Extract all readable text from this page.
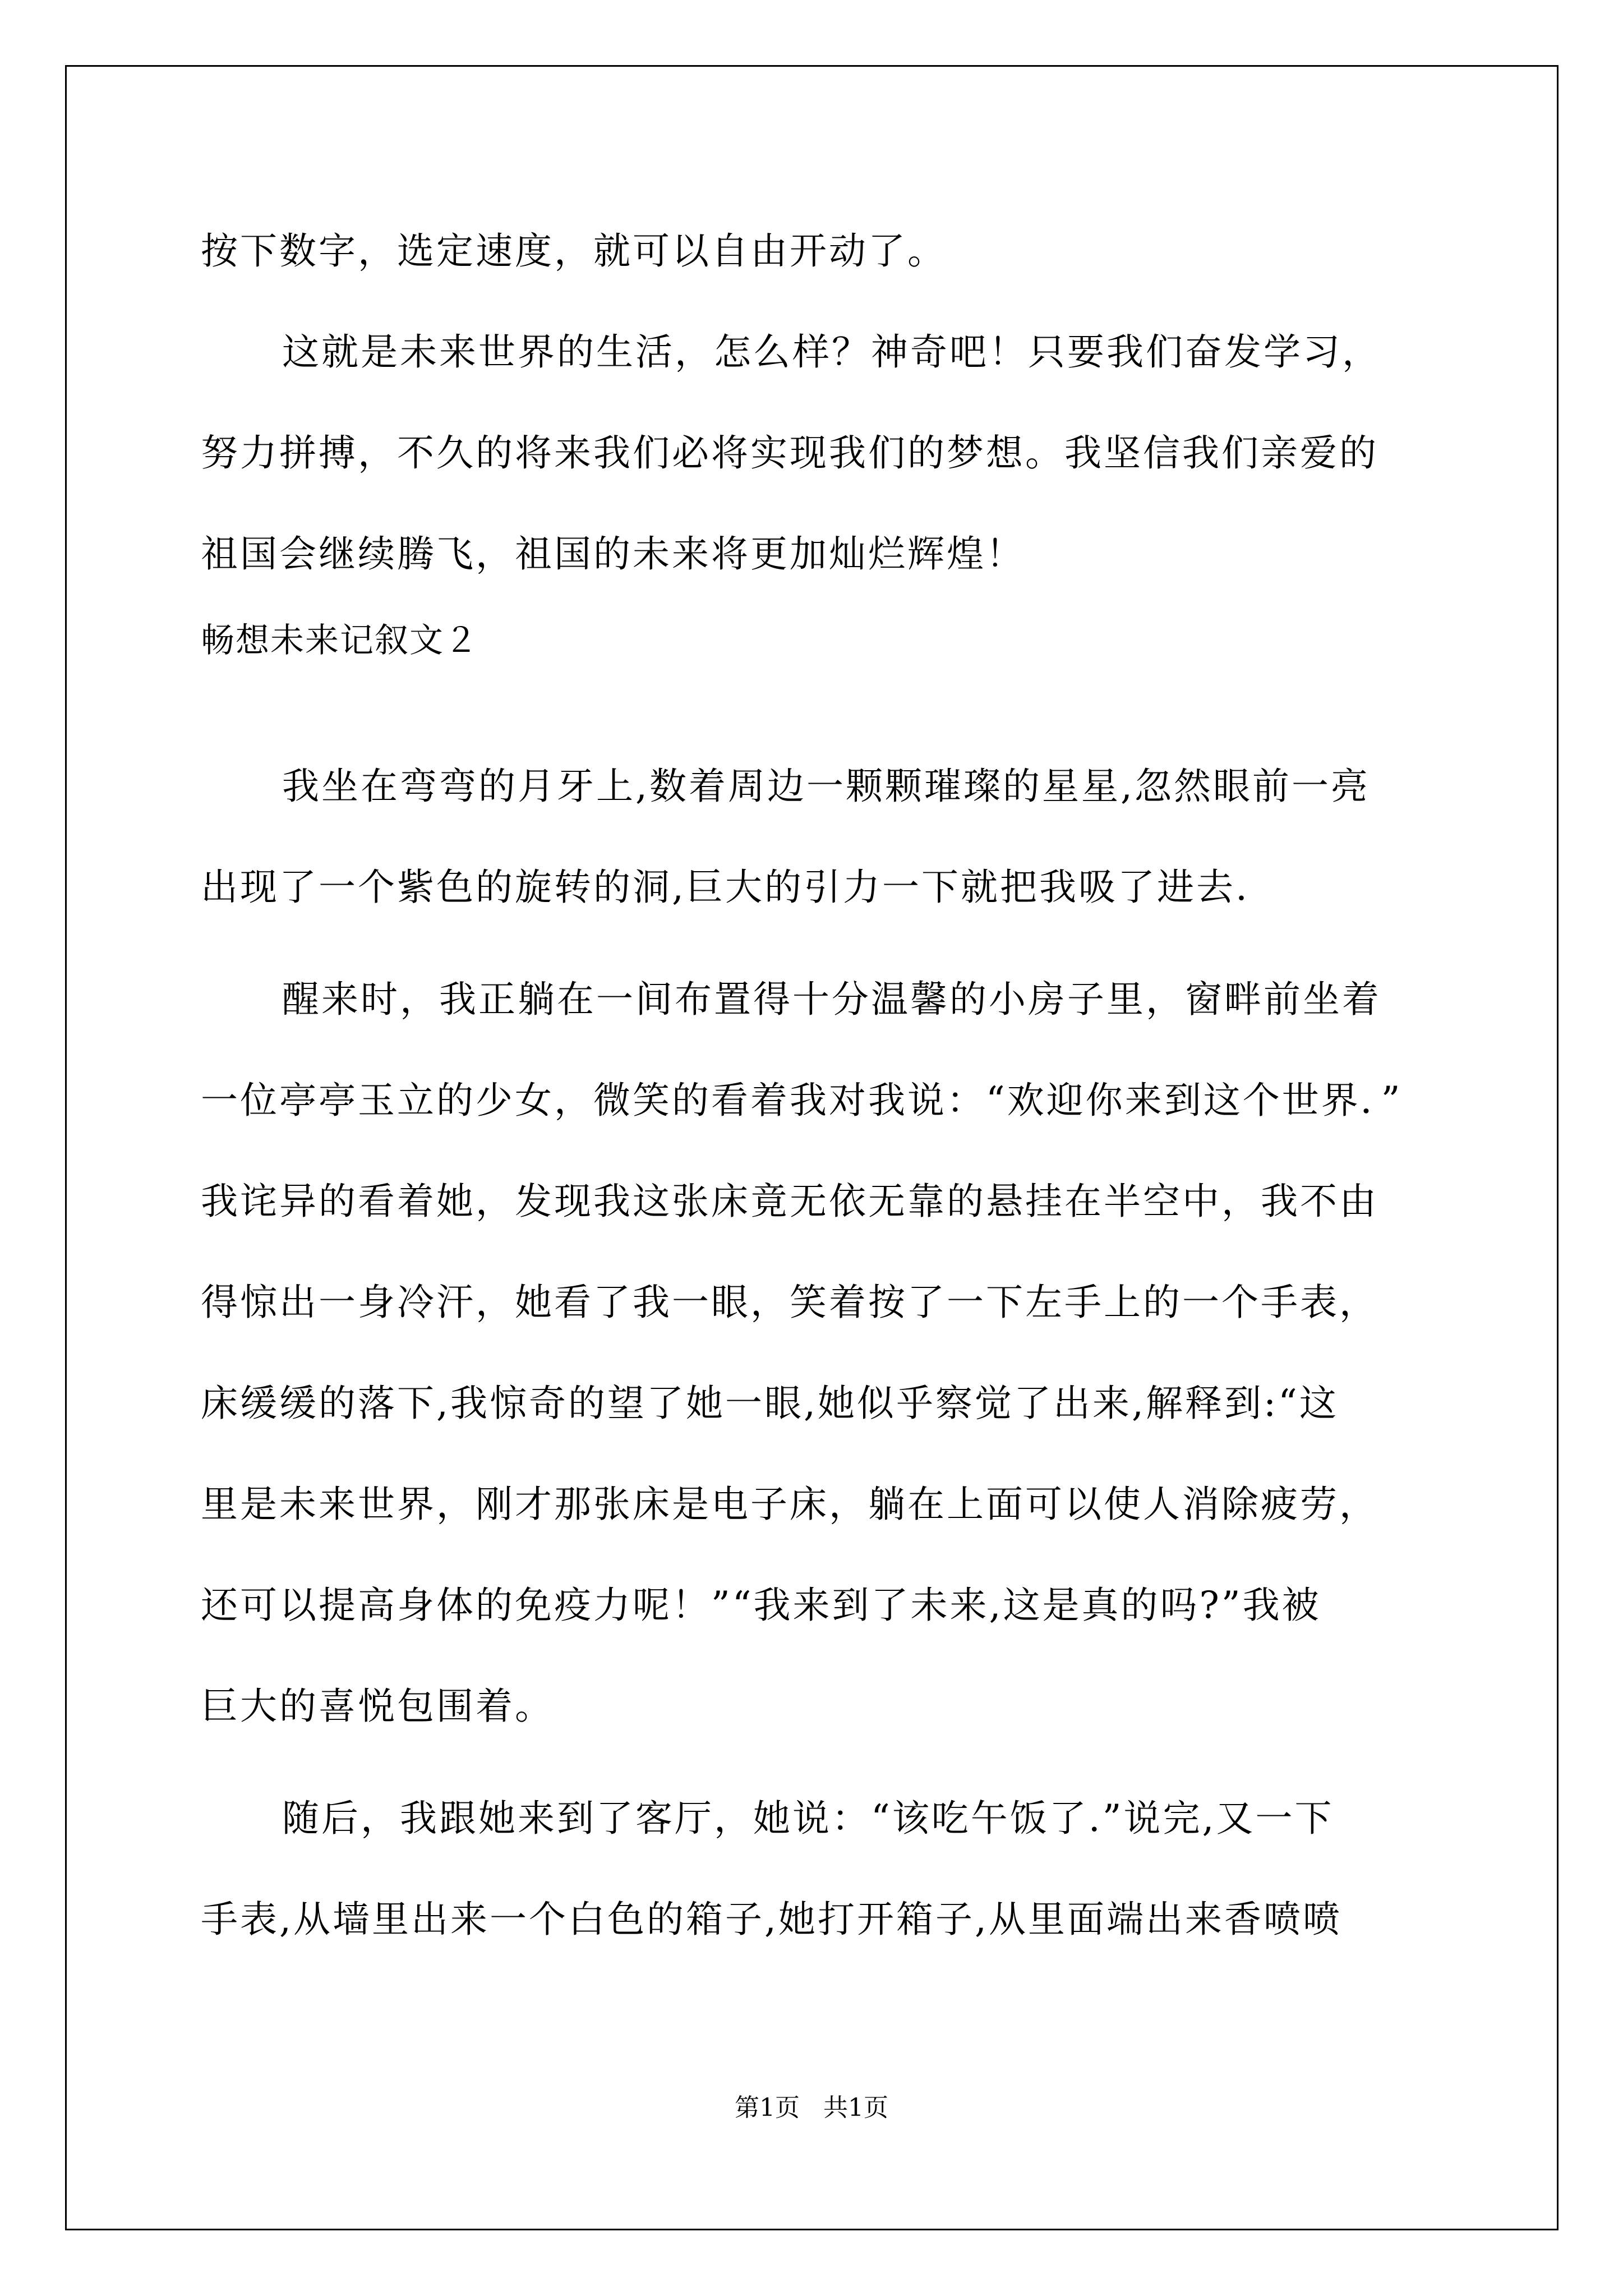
按下数字，选定速度，就可以自由开动了。
这就是未来世界的生活，怎么样？神奇吧！只要我们奋发学习，
努力拼搏，不久的将来我们必将实现我们的梦想。我坚信我们亲爱的
祖国会继续腾飞，祖国的未来将更加灿烂辉煌！
畅想未来记叙文２
我坐在弯弯的月牙上,数着周边一颗颗璀璨的星星,忽然眼前一亮
出现了一个紫色的旋转的洞,巨大的引力一下就把我吸了进去.
醒来时，我正躺在一间布置得十分温馨的小房子里，窗畔前坐着
一位亭亭玉立的少女，微笑的看着我对我说：“欢迎你来到这个世界．”
我诧异的看着她，发现我这张床竟无依无靠的悬挂在半空中，我不由
得惊出一身冷汗，她看了我一眼，笑着按了一下左手上的一个手表，
床缓缓的落下,我惊奇的望了她一眼,她似乎察觉了出来,解释到:“这
里是未来世界，刚才那张床是电子床，躺在上面可以使人消除疲劳，
还可以提高身体的免疫力呢！”“我来到了未来,这是真的吗?”我被
巨大的喜悦包围着。
随后，我跟她来到了客厅，她说：“该吃午饭了.”说完,又一下
手表,从墙里出来一个白色的箱子,她打开箱子,从里面端出来香喷喷
第1页   共1页
